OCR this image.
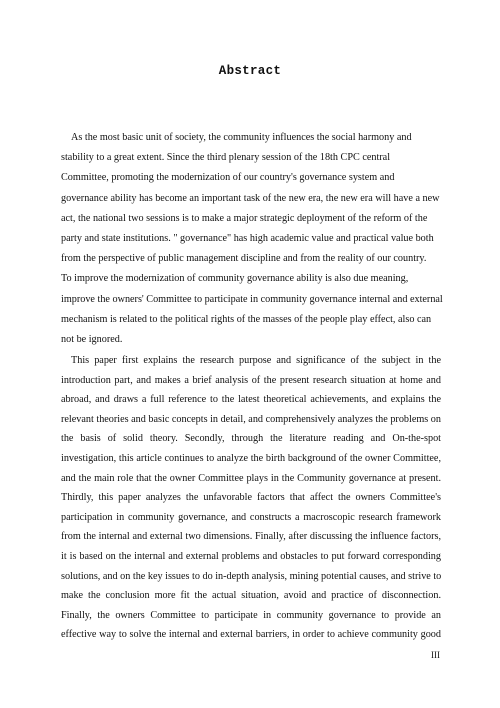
Abstract
As the most basic unit of society, the community influences the social harmony and
stability to a great extent. Since the third plenary session of the 18th CPC central
Committee, promoting the modernization of our country's governance system and
governance ability has become an important task of the new era, the new era will have a new
act, the national two sessions is to make a major strategic deployment of the reform of the
party and state institutions. " governance" has high academic value and practical value both
from the perspective of public management discipline and from the reality of our country.
To improve the modernization of community governance ability is also due meaning,
improve the owners' Committee to participate in community governance internal and external
mechanism is related to the political rights of the masses of the people play effect, also can
not be ignored.
This paper first explains the research purpose and significance of the subject in the
introduction part, and makes a brief analysis of the present research situation at home and
abroad, and draws a full reference to the latest theoretical achievements, and explains the
relevant theories and basic concepts in detail, and comprehensively analyzes the problems on
the basis of solid theory. Secondly, through the literature reading and On-the-spot
investigation, this article continues to analyze the birth background of the owner Committee,
and the main role that the owner Committee plays in the Community governance at present.
Thirdly, this paper analyzes the unfavorable factors that affect the owners Committee's
participation in community governance, and constructs a macroscopic research framework
from the internal and external two dimensions. Finally, after discussing the influence factors,
it is based on the internal and external problems and obstacles to put forward corresponding
solutions, and on the key issues to do in-depth analysis, mining potential causes, and strive to
make the conclusion more fit the actual situation, avoid and practice of disconnection.
Finally, the owners Committee to participate in community governance to provide an
effective way to solve the internal and external barriers, in order to achieve community good
III
